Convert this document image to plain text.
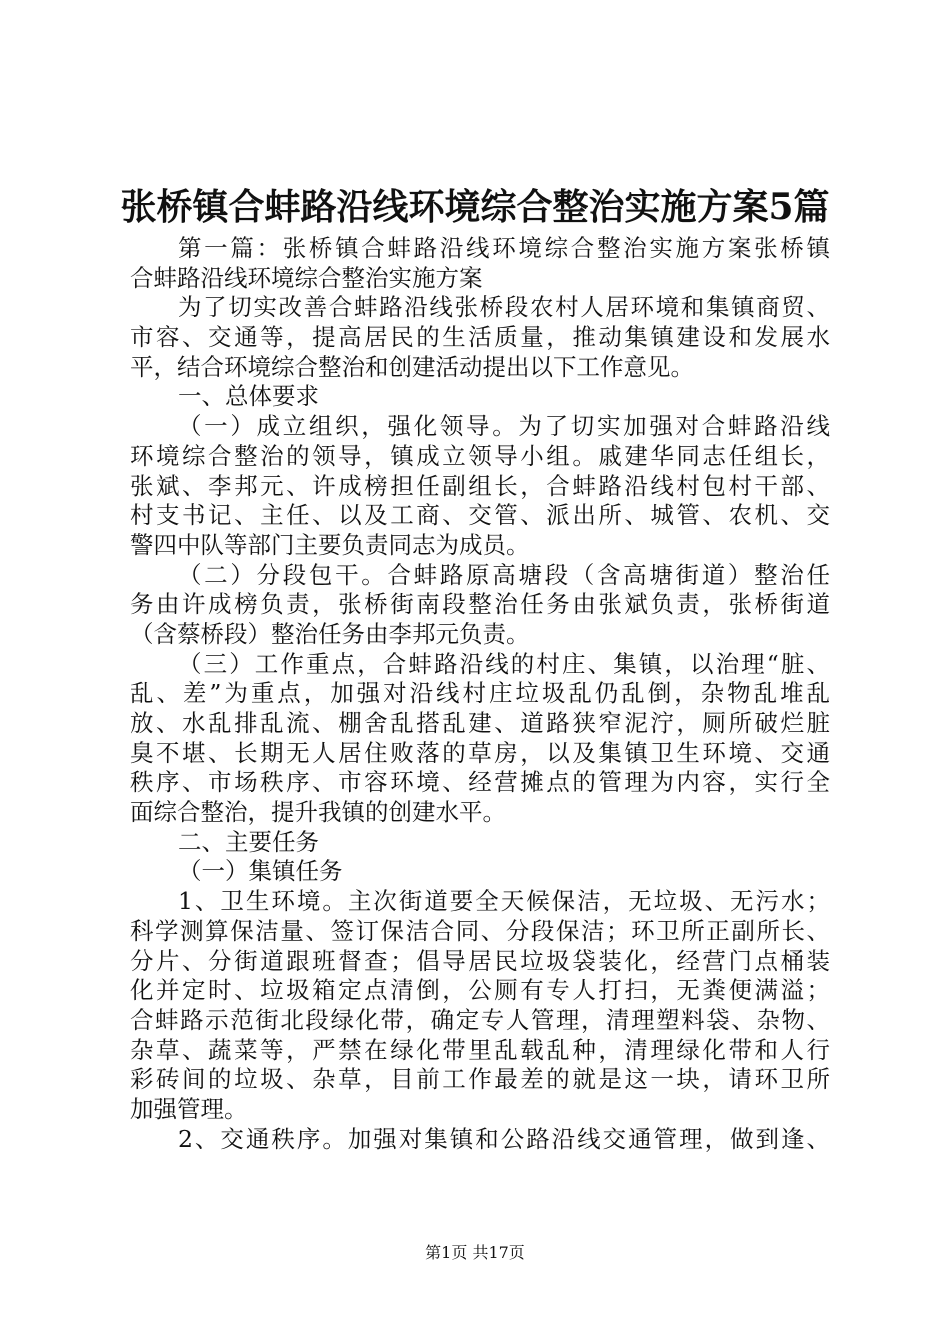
张桥镇合蚌路沿线环境综合整治实施方案5篇
第一篇：张桥镇合蚌路沿线环境综合整治实施方案张桥镇
合蚌路沿线环境综合整治实施方案
为了切实改善合蚌路沿线张桥段农村人居环境和集镇商贸、
市容、交通等，提高居民的生活质量，推动集镇建设和发展水
平，结合环境综合整治和创建活动提出以下工作意见。
一、总体要求
（一）成立组织，强化领导。为了切实加强对合蚌路沿线
环境综合整治的领导，镇成立领导小组。戚建华同志任组长，
张斌、李邦元、许成榜担任副组长，合蚌路沿线村包村干部、
村支书记、主任、以及工商、交管、派出所、城管、农机、交
警四中队等部门主要负责同志为成员。
（二）分段包干。合蚌路原高塘段（含高塘街道）整治任
务由许成榜负责，张桥街南段整治任务由张斌负责，张桥街道
（含蔡桥段）整治任务由李邦元负责。
（三）工作重点，合蚌路沿线的村庄、集镇，以治理“脏、
乱、差”为重点，加强对沿线村庄垃圾乱仍乱倒，杂物乱堆乱
放、水乱排乱流、棚舍乱搭乱建、道路狭窄泥泞，厕所破烂脏
臭不堪、长期无人居住败落的草房，以及集镇卫生环境、交通
秩序、市场秩序、市容环境、经营摊点的管理为内容，实行全
面综合整治，提升我镇的创建水平。
二、主要任务
（一）集镇任务
1、卫生环境。主次街道要全天候保洁，无垃圾、无污水；
科学测算保洁量、签订保洁合同、分段保洁；环卫所正副所长、
分片、分街道跟班督查；倡导居民垃圾袋装化，经营门点桶装
化并定时、垃圾箱定点清倒，公厕有专人打扫，无粪便满溢；
合蚌路示范街北段绿化带，确定专人管理，清理塑料袋、杂物、
杂草、蔬菜等，严禁在绿化带里乱载乱种，清理绿化带和人行
彩砖间的垃圾、杂草，目前工作最差的就是这一块，请环卫所
加强管理。
2、交通秩序。加强对集镇和公路沿线交通管理，做到逢、
第1页 共17页
